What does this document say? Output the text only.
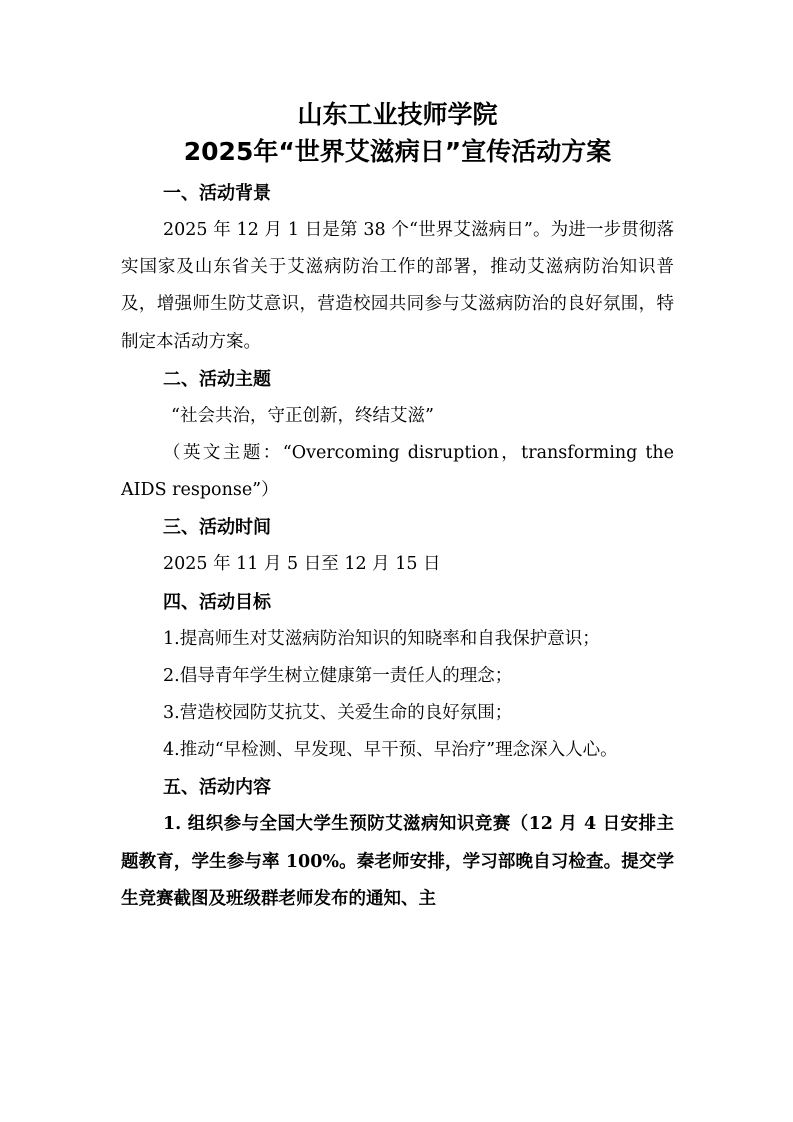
山东工业技师学院
2025年“世界艾滋病日”宣传活动方案
一、活动背景
2025 年 12 月 1 日是第 38 个“世界艾滋病日”。为进一步贯彻落实国家及山东省关于艾滋病防治工作的部署，推动艾滋病防治知识普及，增强师生防艾意识，营造校园共同参与艾滋病防治的良好氛围，特制定本活动方案。
二、活动主题
“社会共治，守正创新，终结艾滋”
（英文主题：“Overcoming disruption，transforming the AIDS response”）
三、活动时间
2025 年 11 月 5 日至 12 月 15 日
四、活动目标
1.提高师生对艾滋病防治知识的知晓率和自我保护意识；
2.倡导青年学生树立健康第一责任人的理念；
3.营造校园防艾抗艾、关爱生命的良好氛围；
4.推动“早检测、早发现、早干预、早治疗”理念深入人心。
五、活动内容
1. 组织参与全国大学生预防艾滋病知识竞赛（12 月 4 日安排主题教育，学生参与率 100%。秦老师安排，学习部晚自习检查。提交学生竞赛截图及班级群老师发布的通知、主
